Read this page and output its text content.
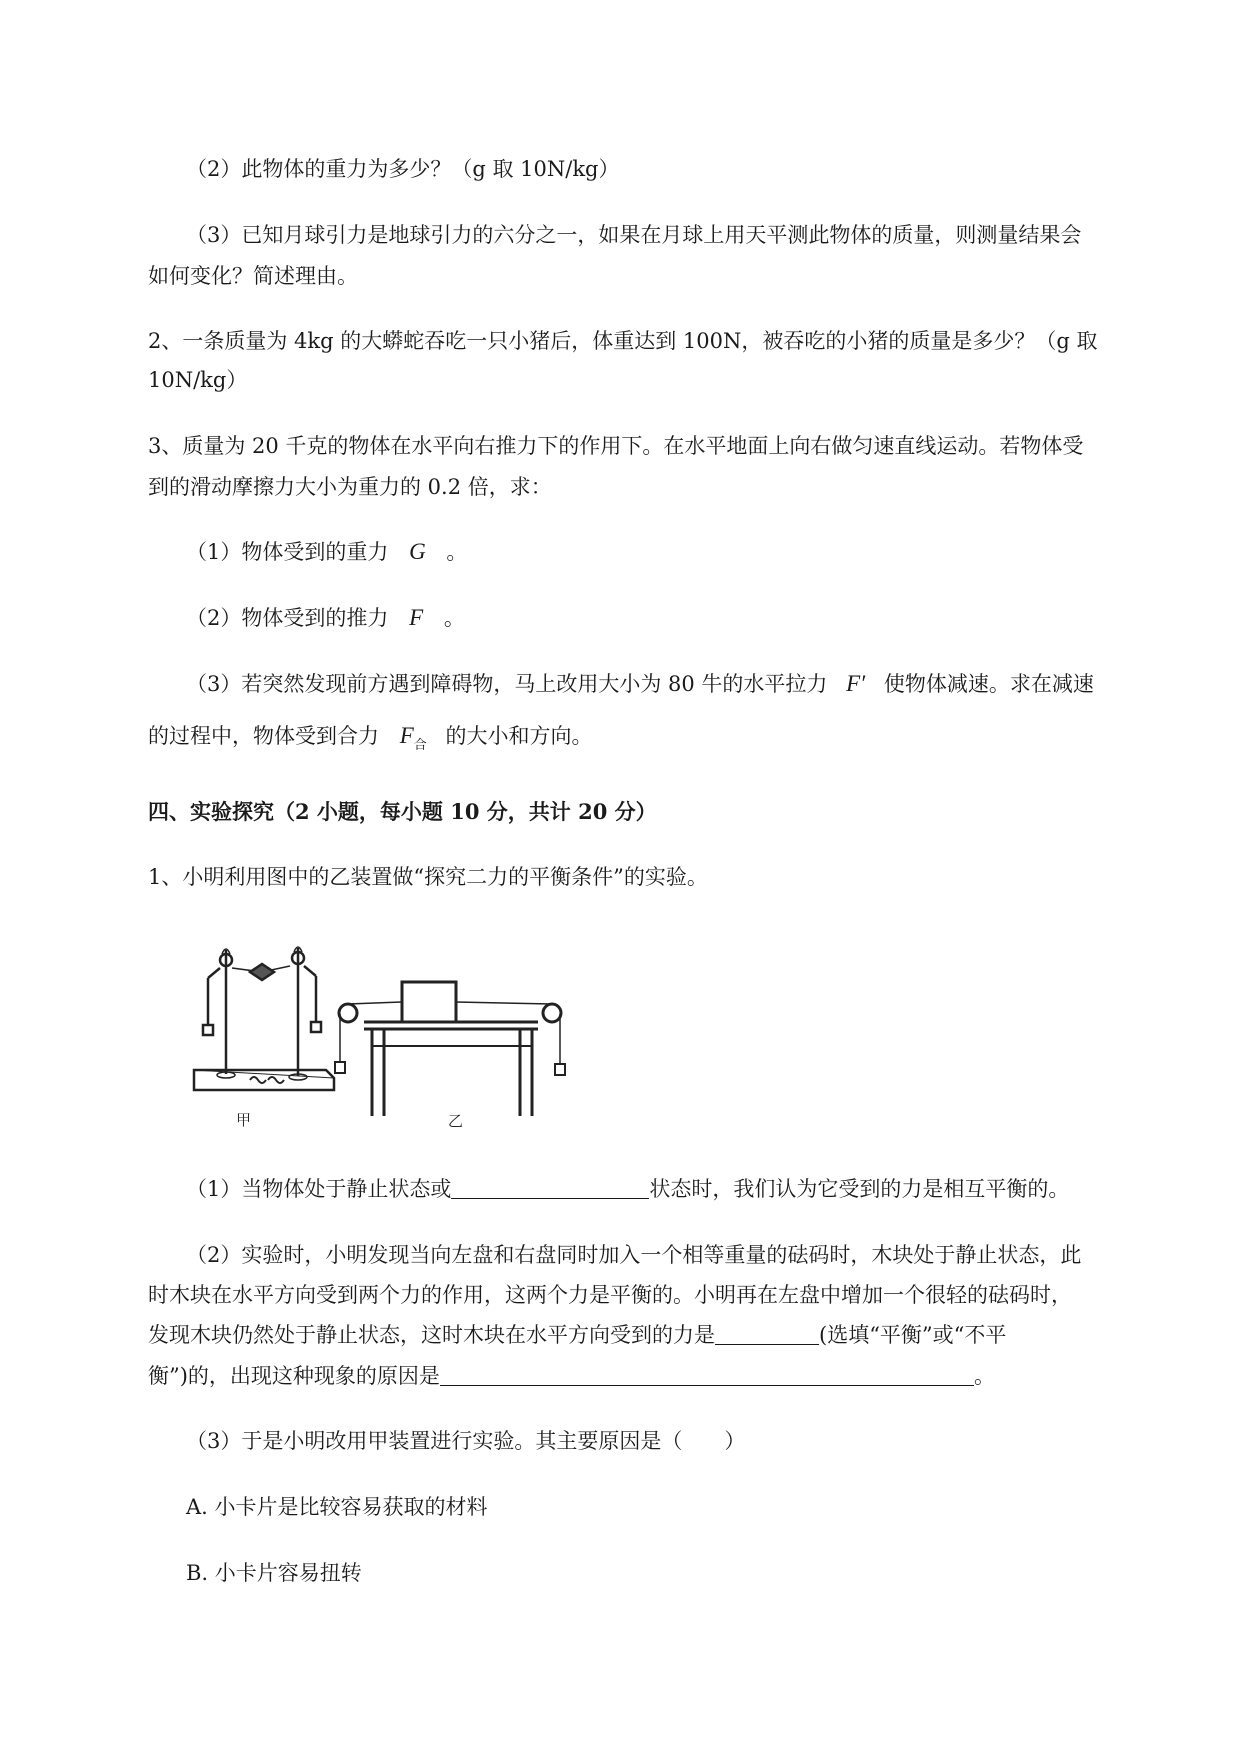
（2）此物体的重力为多少？（g 取 10N/kg）
（3）已知月球引力是地球引力的六分之一，如果在月球上用天平测此物体的质量，则测量结果会
如何变化？简述理由。
2、一条质量为 4kg 的大蟒蛇吞吃一只小猪后，体重达到 100N，被吞吃的小猪的质量是多少？（g 取
10N/kg）
3、质量为 20 千克的物体在水平向右推力下的作用下。在水平地面上向右做匀速直线运动。若物体受
到的滑动摩擦力大小为重力的 0.2 倍，求：
（1）物体受到的重力 G 。
（2）物体受到的推力 F 。
（3）若突然发现前方遇到障碍物，马上改用大小为 80 牛的水平拉力 F′ 使物体减速。求在减速
的过程中，物体受到合力 $F_合$ 的大小和方向。
四、实验探究（2 小题，每小题 10 分，共计 20 分）
1、小明利用图中的乙装置做“探究二力的平衡条件”的实验。
甲	乙
（1）当物体处于静止状态或	状态时，我们认为它受到的力是相互平衡的。
（2）实验时，小明发现当向左盘和右盘同时加入一个相等重量的砝码时，木块处于静止状态，此
时木块在水平方向受到两个力的作用，这两个力是平衡的。小明再在左盘中增加一个很轻的砝码时，
发现木块仍然处于静止状态，这时木块在水平方向受到的力是	(选填“平衡”或“不平
衡”)的，出现这种现象的原因是	。
（3）于是小明改用甲装置进行实验。其主要原因是（　　）
A. 小卡片是比较容易获取的材料
B. 小卡片容易扭转
